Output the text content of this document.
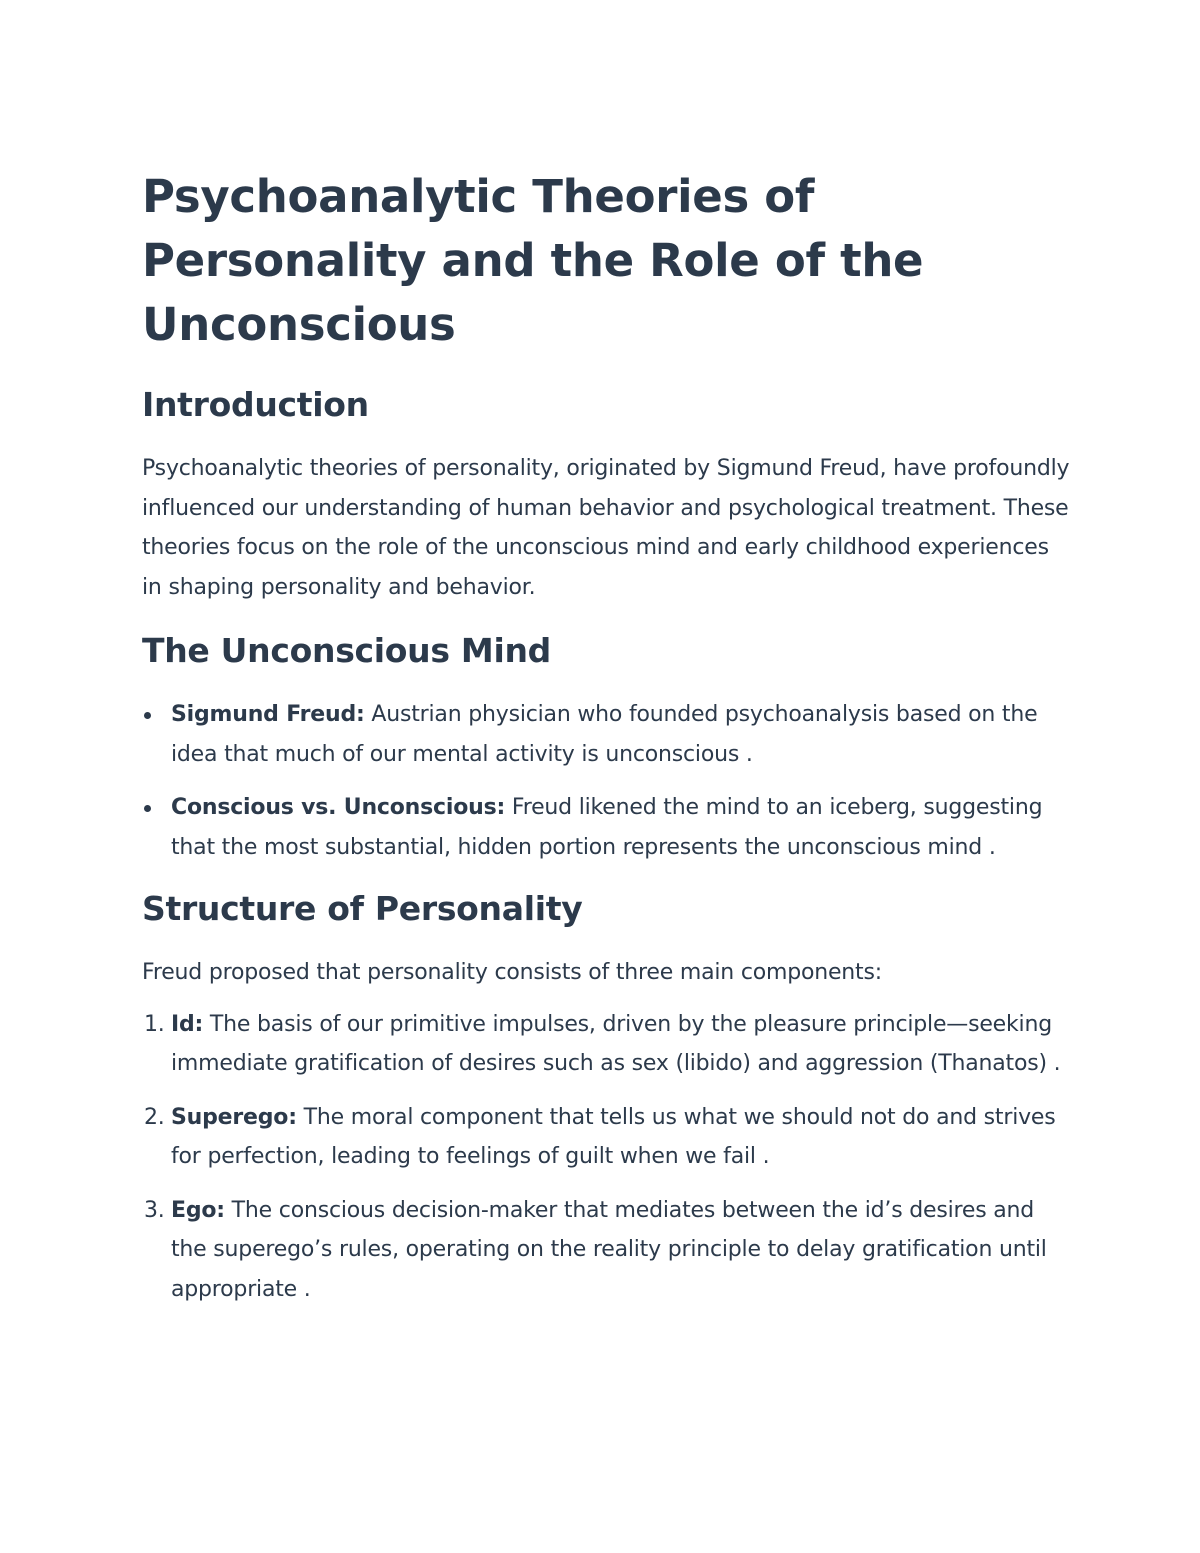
Psychoanalytic Theories of Personality and the Role of the Unconscious
Introduction

Psychoanalytic theories of personality, originated by Sigmund Freud, have profoundly influenced our understanding of human behavior and psychological treatment. These theories focus on the role of the unconscious mind and early childhood experiences in shaping personality and behavior.

The Unconscious Mind
Sigmund Freud: Austrian physician who founded psychoanalysis based on the idea that much of our mental activity is unconscious .
Conscious vs. Unconscious: Freud likened the mind to an iceberg, suggesting that the most substantial, hidden portion represents the unconscious mind .
Structure of Personality

Freud proposed that personality consists of three main components:

1. Id: The basis of our primitive impulses, driven by the pleasure principle—seeking immediate gratification of desires such as sex (libido) and aggression (Thanatos) .
2. Superego: The moral component that tells us what we should not do and strives for perfection, leading to feelings of guilt when we fail .
3. Ego: The conscious decision-maker that mediates between the id’s desires and the superego’s rules, operating on the reality principle to delay gratification until appropriate .
